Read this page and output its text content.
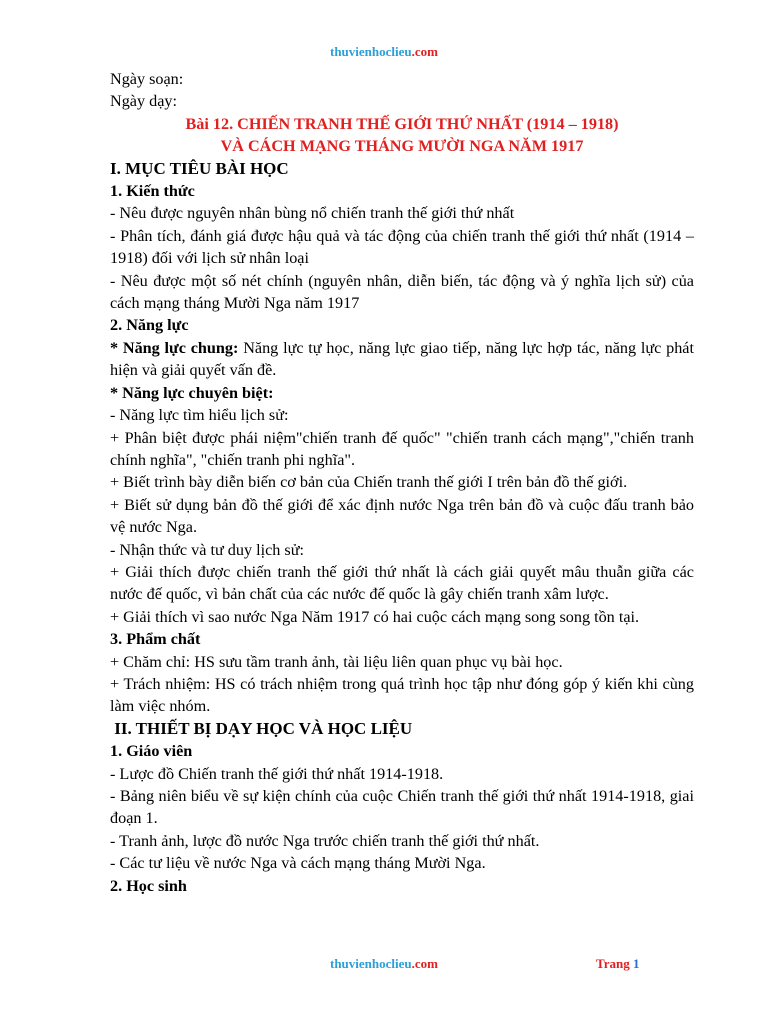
thuvienhoclieu.com

Ngày soạn:

Ngày dạy:

Bài 12. CHIẾN TRANH THẾ GIỚI THỨ NHẤT (1914 – 1918)

VÀ CÁCH MẠNG THÁNG MƯỜI NGA NĂM 1917

I. MỤC TIÊU BÀI HỌC

1. Kiến thức

- Nêu được nguyên nhân bùng nổ chiến tranh thế giới thứ nhất

- Phân tích, đánh giá được hậu quả và tác động của chiến tranh thế giới thứ nhất (1914 – 1918) đối với lịch sử nhân loại

- Nêu được một số nét chính (nguyên nhân, diễn biến, tác động và ý nghĩa lịch sử) của cách mạng tháng Mười Nga năm 1917

2. Năng lực

* Năng lực chung: Năng lực tự học, năng lực giao tiếp, năng lực hợp tác, năng lực phát hiện và giải quyết vấn đề.

* Năng lực chuyên biệt:

- Năng lực tìm hiểu lịch sử:

+ Phân biệt được phái niệm"chiến tranh đế quốc" "chiến tranh cách mạng","chiến tranh chính nghĩa", "chiến tranh phi nghĩa".

+ Biết trình bày diễn biến cơ bản của Chiến tranh thế giới I trên bản đồ thế giới.

+ Biết sử dụng bản đồ thế giới để xác định nước Nga trên bản đồ và cuộc đấu tranh bảo vệ nước Nga.

- Nhận thức và tư duy lịch sử:

+ Giải thích được chiến tranh thế giới thứ nhất là cách giải quyết mâu thuẫn giữa các nước đế quốc, vì bản chất của các nước đế quốc là gây chiến tranh xâm lược.

+ Giải thích vì sao nước Nga Năm 1917 có hai cuộc cách mạng song song tồn tại.

3. Phẩm chất

+ Chăm chỉ: HS sưu tầm tranh ảnh, tài liệu liên quan phục vụ bài học.

+ Trách nhiệm: HS có trách nhiệm trong quá trình học tập như đóng góp ý kiến khi cùng làm việc nhóm.

II. THIẾT BỊ DẠY HỌC VÀ HỌC LIỆU

1. Giáo viên

- Lược đồ Chiến tranh thế giới thứ nhất 1914-1918.

- Bảng niên biểu về sự kiện chính của cuộc Chiến tranh thế giới thứ nhất 1914-1918, giai đoạn 1.

- Tranh ảnh, lược đồ nước Nga trước chiến tranh thế giới thứ nhất.

- Các tư liệu về nước Nga và cách mạng tháng Mười Nga.

2. Học sinh

thuvienhoclieu.com	Trang 1
